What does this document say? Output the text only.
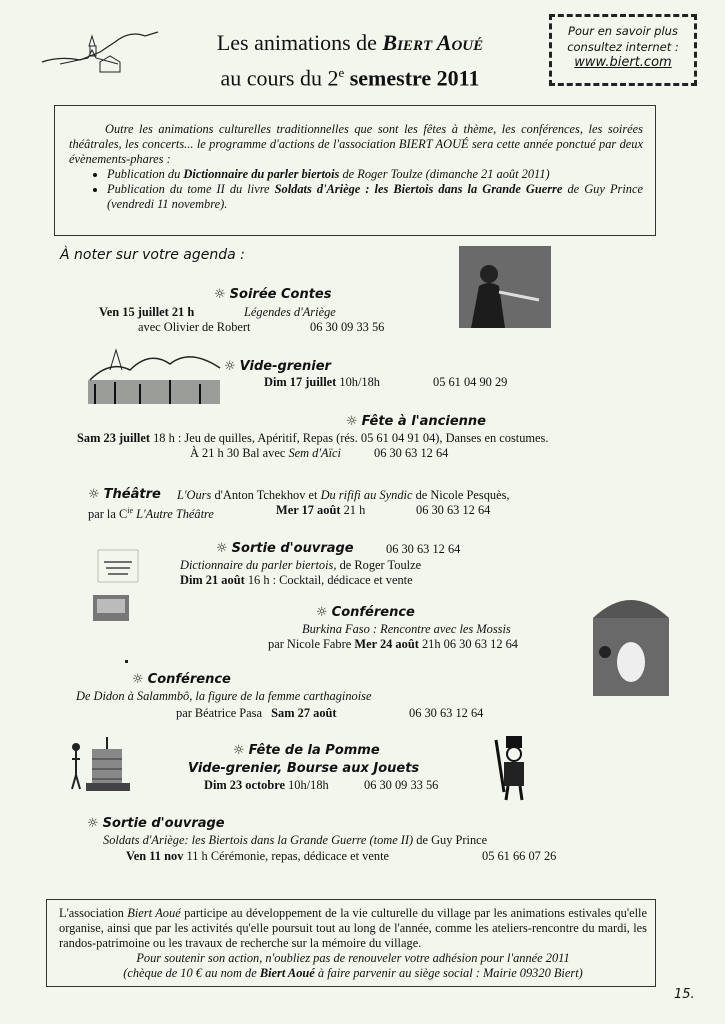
Les animations de Biert Aoué
au cours du 2e semestre 2011
Pour en savoir plus
consultez internet :
www.biert.com

Outre les animations culturelles traditionnelles que sont les fêtes à thème, les conférences, les soirées théâtrales, les concerts... le programme d'actions de l'association BIERT AOUÉ sera cette année ponctué par deux évènements-phares :

• Publication du Dictionnaire du parler biertois de Roger Toulze (dimanche 21 août 2011)
• Publication du tome II du livre Soldats d'Ariège : les Biertois dans la Grande Guerre de Guy Prince (vendredi 11 novembre).
À noter sur votre agenda :
☼ Soirée Contes
Ven 15 juillet 21 h	Légendes d'Ariège
avec Olivier de Robert	06 30 09 33 56
☼ Vide-grenier
Dim 17 juillet 10h/18h	05 61 04 90 29
☼ Fête à l'ancienne
Sam 23 juillet 18 h : Jeu de quilles, Apéritif, Repas (rés. 05 61 04 91 04), Danses en costumes.
À 21 h 30 Bal avec Sem d'Aïci	06 30 63 12 64
☼ Théâtre L'Ours d'Anton Tchekhov et Du rififi au Syndic de Nicole Pesquès,
par la $C^{ie}$ L'Autre Théâtre	Mer 17 août 21 h	06 30 63 12 64
☼ Sortie d'ouvrage	06 30 63 12 64
Dictionnaire du parler biertois, de Roger Toulze
Dim 21 août 16 h : Cocktail, dédicace et vente
☼ Conférence
Burkina Faso : Rencontre avec les Mossis
par Nicole Fabre Mer 24 août 21h 06 30 63 12 64
☼ Conférence
De Didon à Salammbô, la figure de la femme carthaginoise
par Béatrice Pasa Sam 27 août	06 30 63 12 64
☼ Fête de la Pomme
Vide-grenier, Bourse aux Jouets
Dim 23 octobre 10h/18h	06 30 09 33 56
☼ Sortie d'ouvrage
Soldats d'Ariège: les Biertois dans la Grande Guerre (tome II) de Guy Prince
Ven 11 nov 11 h Cérémonie, repas, dédicace et vente	05 61 66 07 26

L'association Biert Aoué participe au développement de la vie culturelle du village par les animations estivales qu'elle organise, ainsi que par les activités qu'elle poursuit tout au long de l'année, comme les ateliers-rencontre du mardi, les randos-patrimoine ou les travaux de recherche sur la mémoire du village.

Pour soutenir son action, n'oubliez pas de renouveler votre adhésion pour l'année 2011

(chèque de 10 € au nom de Biert Aoué à faire parvenir au siège social : Mairie 09320 Biert)

15.
